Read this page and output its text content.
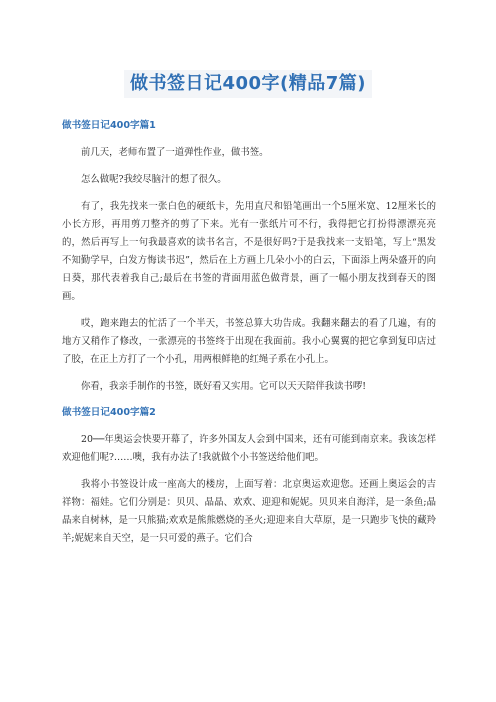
做书签日记400字(精品7篇)
做书签日记400字篇1

前几天，老师布置了一道弹性作业，做书签。

怎么做呢?我绞尽脑汁的想了很久。

有了，我先找来一张白色的硬纸卡，先用直尺和铅笔画出一个5厘米宽、12厘米长的小长方形，再用剪刀整齐的剪了下来。光有一张纸片可不行，我得把它打扮得漂漂亮亮的，然后再写上一句我最喜欢的读书名言，不是很好吗?于是我找来一支铅笔，写上“黑发不知勤学早，白发方悔读书迟”，然后在上方画上几朵小小的白云，下面添上两朵盛开的向日葵，那代表着我自己;最后在书签的背面用蓝色做背景，画了一幅小朋友找到春天的图画。

哎，跑来跑去的忙活了一个半天，书签总算大功告成。我翻来翻去的看了几遍，有的地方又稍作了修改，一张漂亮的书签终于出现在我面前。我小心翼翼的把它拿到复印店过了胶，在正上方打了一个小孔，用两根鲜艳的红绳子系在小孔上。

你看，我亲手制作的书签，既好看又实用。它可以天天陪伴我读书啰!

做书签日记400字篇2

20──年奥运会快要开幕了，许多外国友人会到中国来，还有可能到南京来。我该怎样欢迎他们呢?……噢，我有办法了!我就做个小书签送给他们吧。

我将小书签设计成一座高大的楼房，上面写着：北京奥运欢迎您。还画上奥运会的吉祥物：福娃。它们分别是：贝贝、晶晶、欢欢、迎迎和妮妮。贝贝来自海洋，是一条鱼;晶晶来自树林，是一只熊猫;欢欢是熊熊燃烧的圣火;迎迎来自大草原，是一只跑步飞快的藏羚羊;妮妮来自天空，是一只可爱的燕子。它们合
